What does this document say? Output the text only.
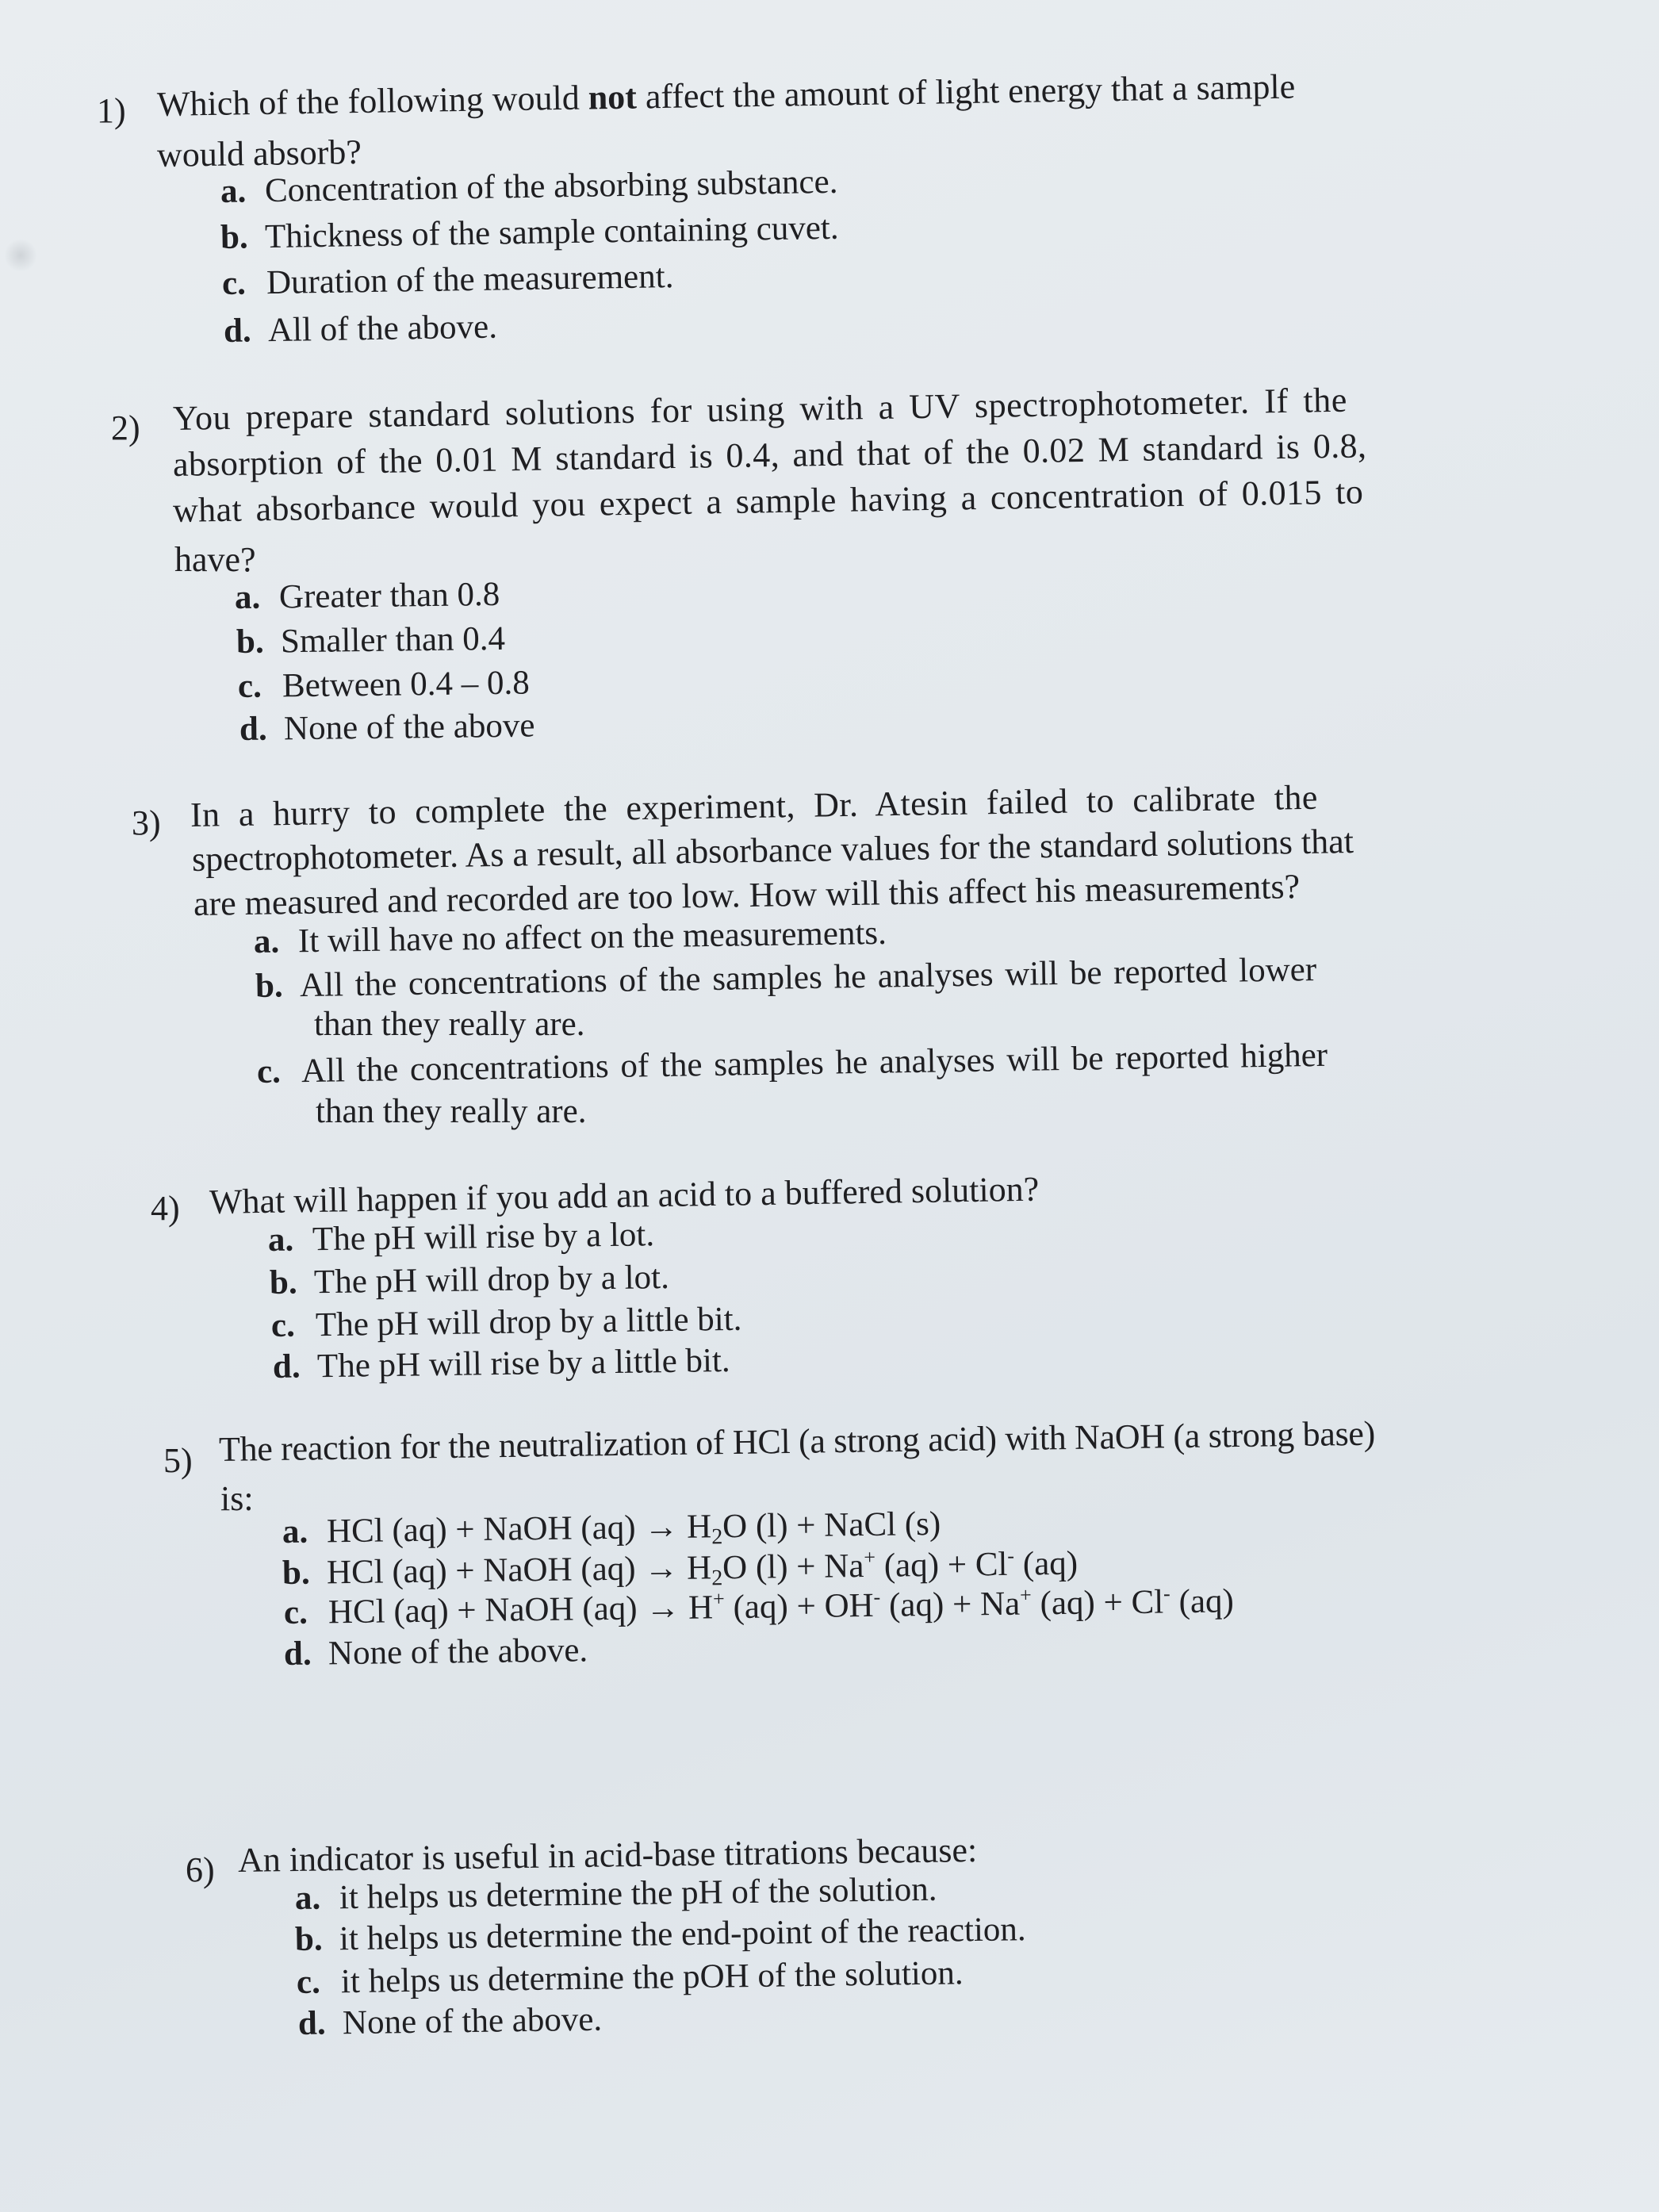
1) Which of the following would not affect the amount of light energy that a sample
would absorb?
a. Concentration of the absorbing substance.
b. Thickness of the sample containing cuvet.
c. Duration of the measurement.
d. All of the above.
2) You prepare standard solutions for using with a UV spectrophotometer. If the
absorption of the 0.01 M standard is 0.4, and that of the 0.02 M standard is 0.8,
what absorbance would you expect a sample having a concentration of 0.015 to
have?
a. Greater than 0.8
b. Smaller than 0.4
c. Between 0.4 – 0.8
d. None of the above
3) In a hurry to complete the experiment, Dr. Atesin failed to calibrate the
spectrophotometer. As a result, all absorbance values for the standard solutions that
are measured and recorded are too low. How will this affect his measurements?
a. It will have no affect on the measurements.
b. All the concentrations of the samples he analyses will be reported lower
than they really are.
c. All the concentrations of the samples he analyses will be reported higher
than they really are.
4) What will happen if you add an acid to a buffered solution?
a. The pH will rise by a lot.
b. The pH will drop by a lot.
c. The pH will drop by a little bit.
d. The pH will rise by a little bit.
5) The reaction for the neutralization of HCl (a strong acid) with NaOH (a strong base)
is:
a. HCl (aq) + NaOH $(aq) \to H_2O$ (l) + NaCl (s)
b. HCl (aq) + NaOH $(aq) \to H_2O$ (l) + Na+ (aq) + Cl- (aq)
c. HCl (aq) + NaOH (aq) → H+ (aq) + OH- (aq) + Na+ (aq) + Cl- (aq)
d. None of the above.
6) An indicator is useful in acid-base titrations because:
a. it helps us determine the pH of the solution.
b. it helps us determine the end-point of the reaction.
c. it helps us determine the pOH of the solution.
d. None of the above.
